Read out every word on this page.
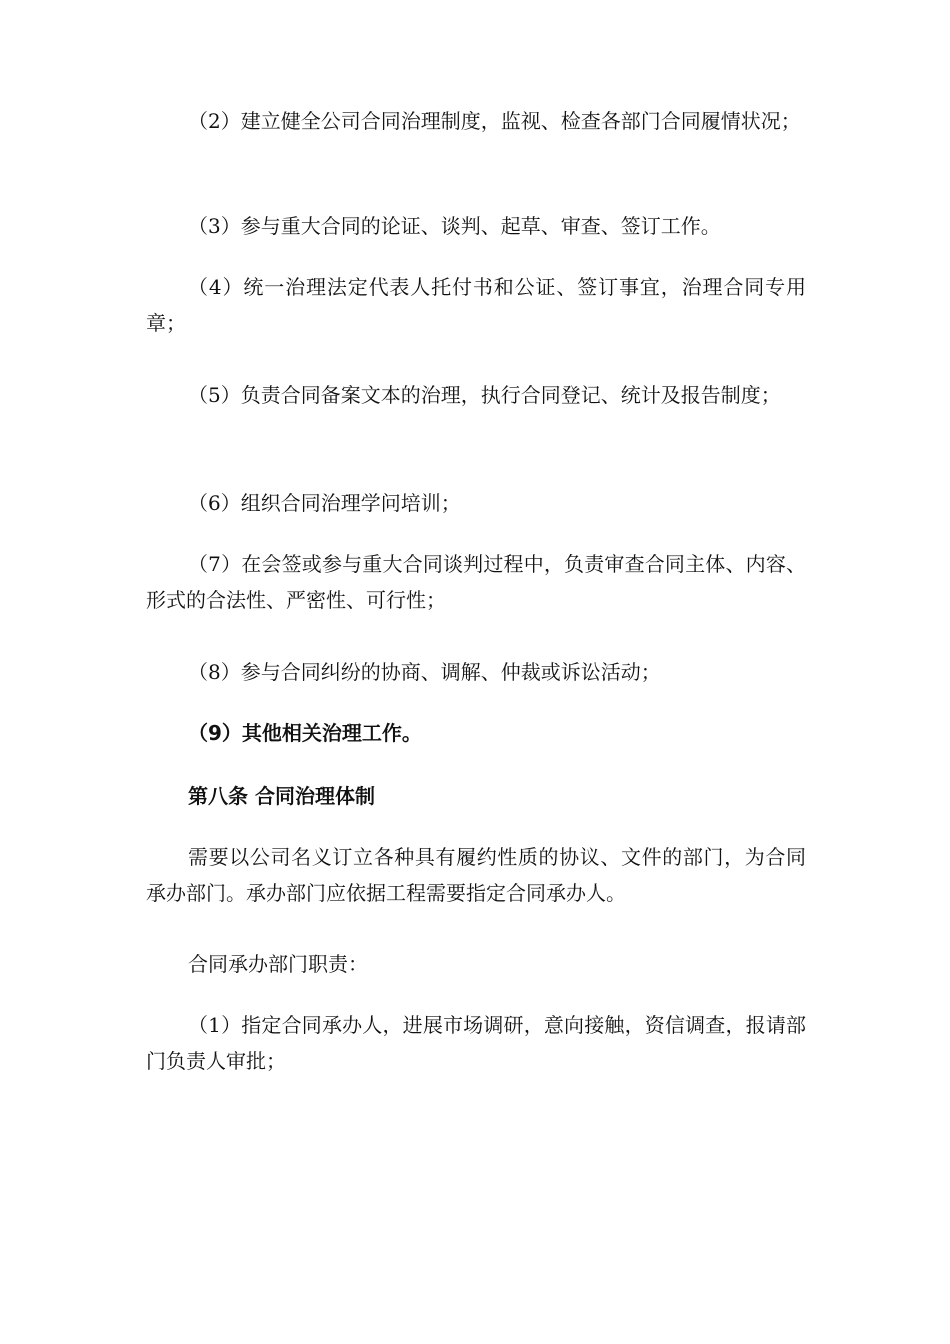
（2）建立健全公司合同治理制度，监视、检查各部门合同履情状况；

（3）参与重大合同的论证、谈判、起草、审查、签订工作。

（4）统一治理法定代表人托付书和公证、签订事宜，治理合同专用章；

（5）负责合同备案文本的治理，执行合同登记、统计及报告制度；

（6）组织合同治理学问培训；

（7）在会签或参与重大合同谈判过程中，负责审查合同主体、内容、形式的合法性、严密性、可行性；

（8）参与合同纠纷的协商、调解、仲裁或诉讼活动；

（9）其他相关治理工作。

第八条 合同治理体制

需要以公司名义订立各种具有履约性质的协议、文件的部门，为合同承办部门。承办部门应依据工程需要指定合同承办人。

合同承办部门职责：

（1）指定合同承办人，进展市场调研，意向接触，资信调查，报请部门负责人审批；
